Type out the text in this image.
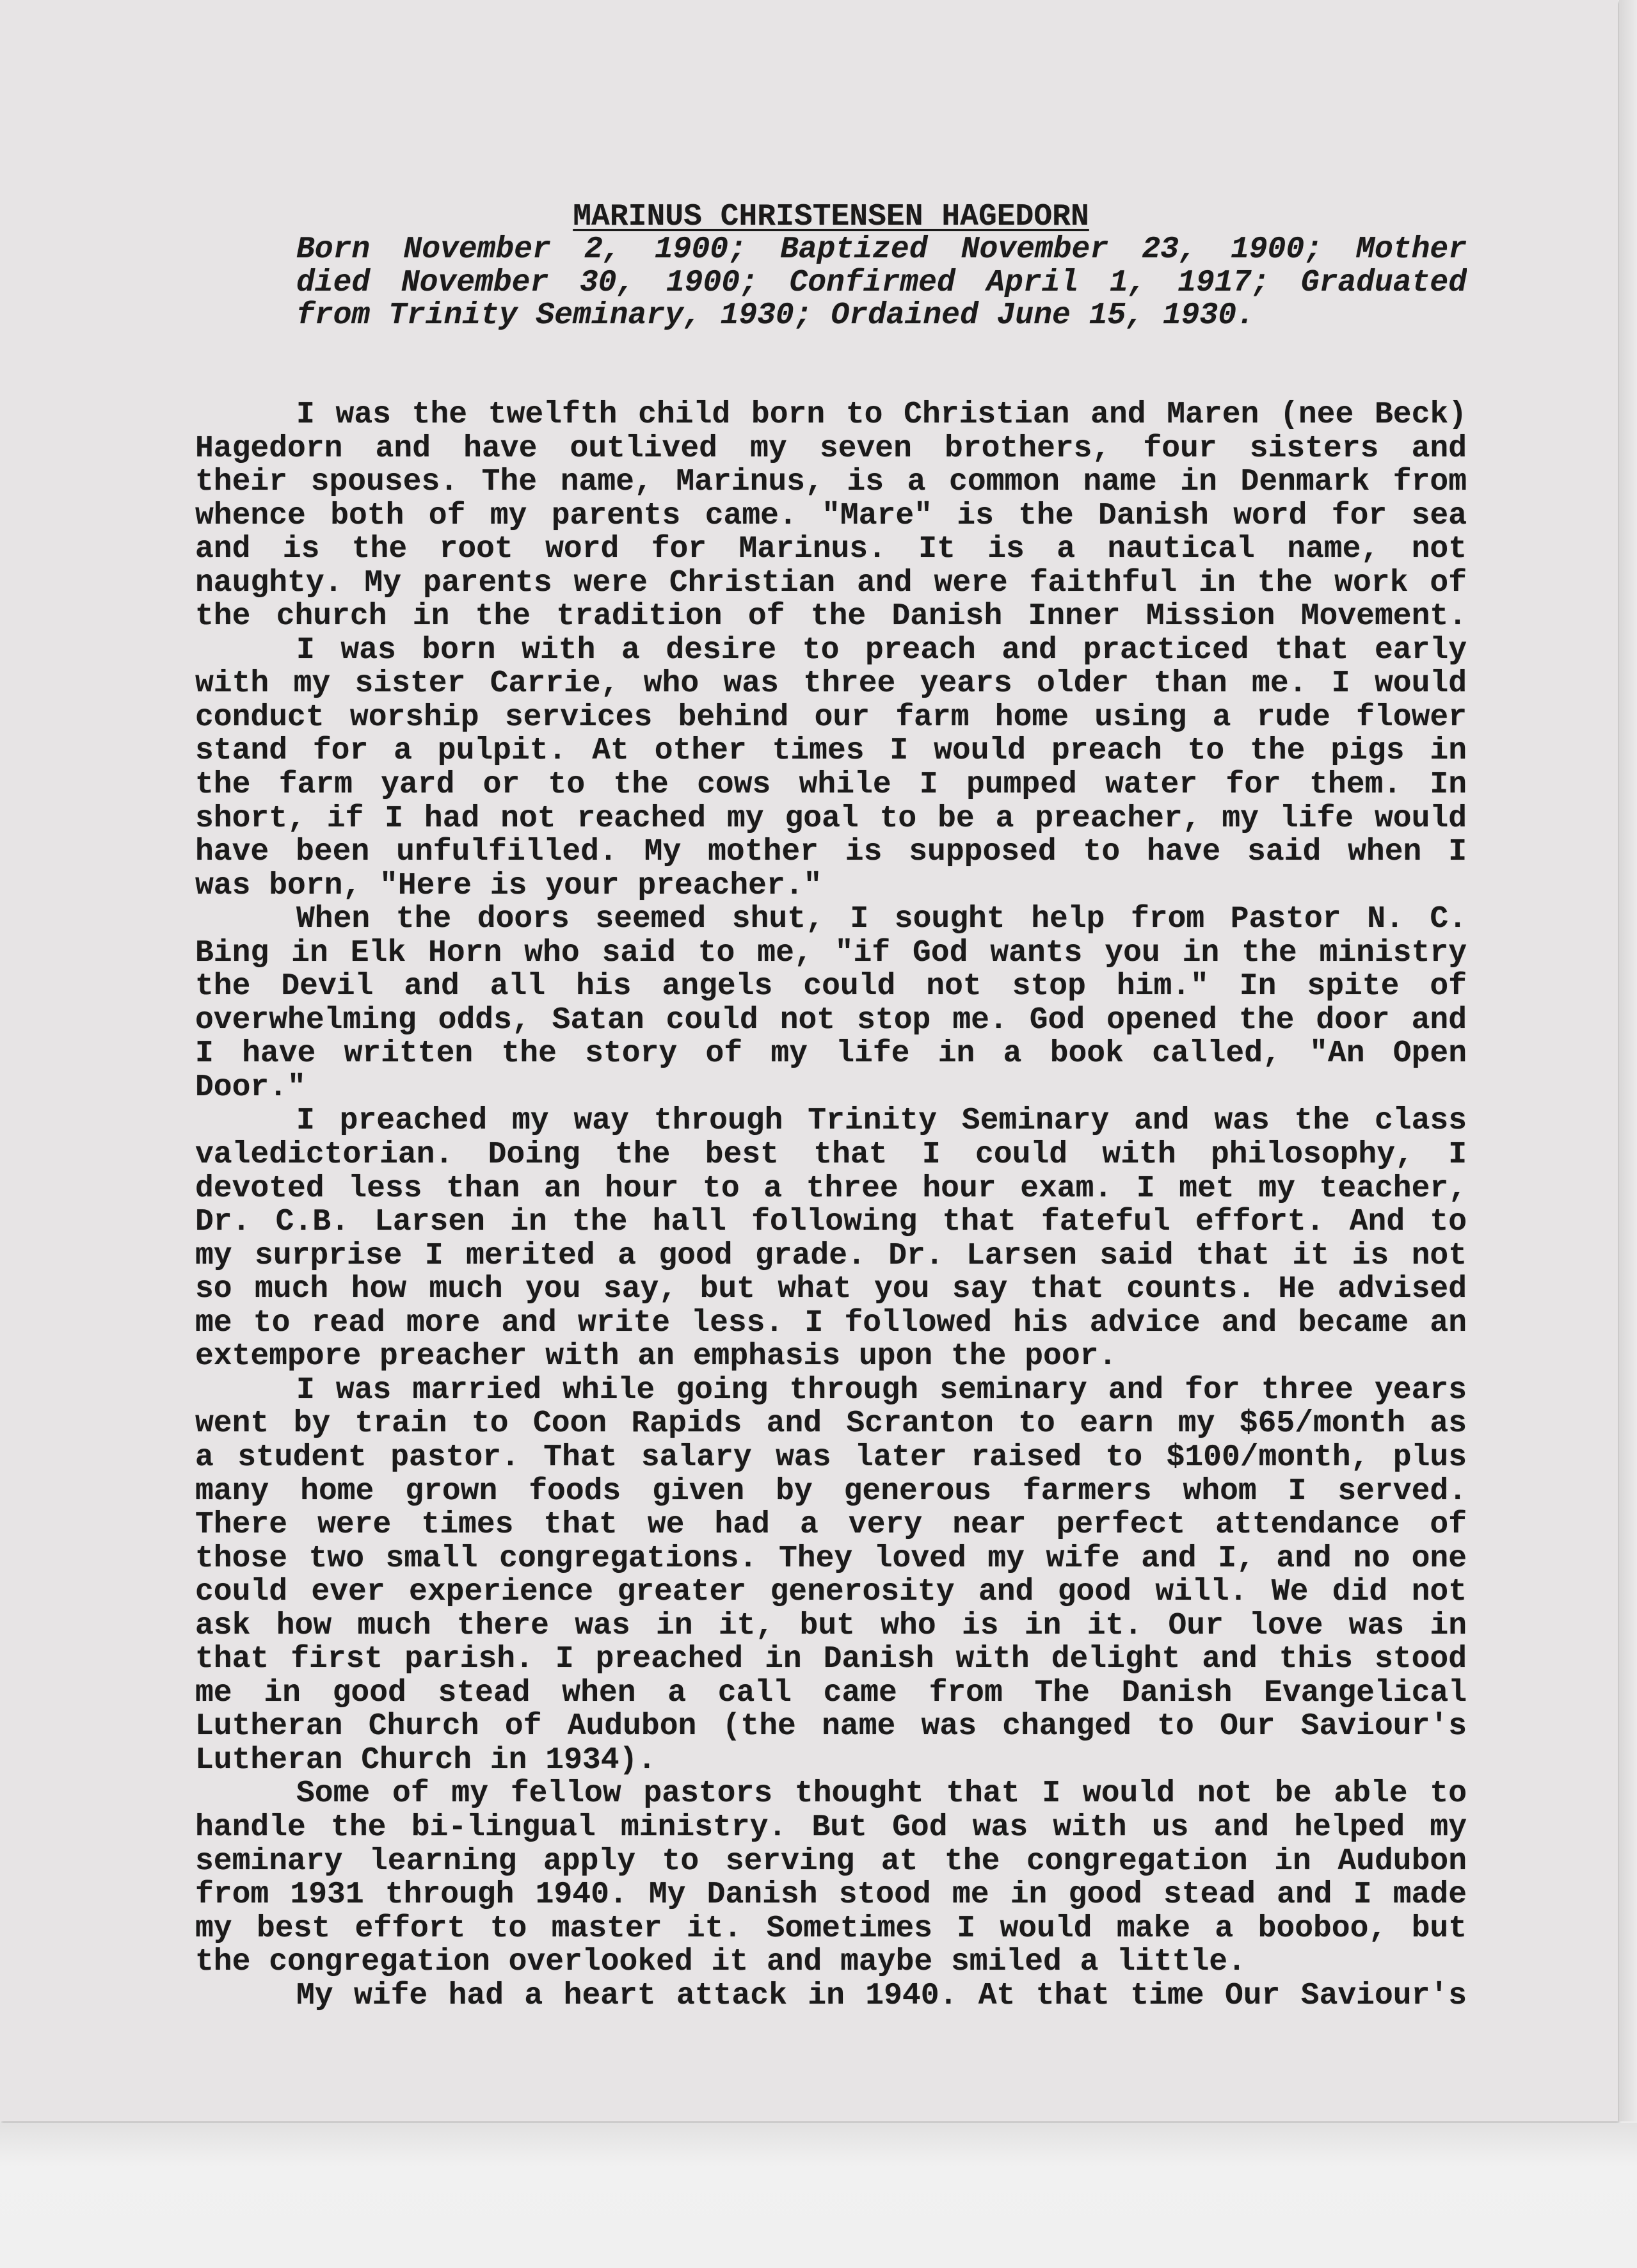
MARINUS CHRISTENSEN HAGEDORN
Born November 2, 1900; Baptized November 23, 1900; Mother
died November 30, 1900; Confirmed April 1, 1917; Graduated
from Trinity Seminary, 1930; Ordained June 15, 1930.
I was the twelfth child born to Christian and Maren (nee Beck)
Hagedorn and have outlived my seven brothers, four sisters and
their spouses. The name, Marinus, is a common name in Denmark from
whence both of my parents came. "Mare" is the Danish word for sea
and is the root word for Marinus. It is a nautical name, not
naughty. My parents were Christian and were faithful in the work of
the church in the tradition of the Danish Inner Mission Movement.
I was born with a desire to preach and practiced that early
with my sister Carrie, who was three years older than me. I would
conduct worship services behind our farm home using a rude flower
stand for a pulpit. At other times I would preach to the pigs in
the farm yard or to the cows while I pumped water for them. In
short, if I had not reached my goal to be a preacher, my life would
have been unfulfilled. My mother is supposed to have said when I
was born, "Here is your preacher."
When the doors seemed shut, I sought help from Pastor N. C.
Bing in Elk Horn who said to me, "if God wants you in the ministry
the Devil and all his angels could not stop him." In spite of
overwhelming odds, Satan could not stop me. God opened the door and
I have written the story of my life in a book called, "An Open
Door."
I preached my way through Trinity Seminary and was the class
valedictorian. Doing the best that I could with philosophy, I
devoted less than an hour to a three hour exam. I met my teacher,
Dr. C.B. Larsen in the hall following that fateful effort. And to
my surprise I merited a good grade. Dr. Larsen said that it is not
so much how much you say, but what you say that counts. He advised
me to read more and write less. I followed his advice and became an
extempore preacher with an emphasis upon the poor.
I was married while going through seminary and for three years
went by train to Coon Rapids and Scranton to earn my $65/month as
a student pastor. That salary was later raised to $100/month, plus
many home grown foods given by generous farmers whom I served.
There were times that we had a very near perfect attendance of
those two small congregations. They loved my wife and I, and no one
could ever experience greater generosity and good will. We did not
ask how much there was in it, but who is in it. Our love was in
that first parish. I preached in Danish with delight and this stood
me in good stead when a call came from The Danish Evangelical
Lutheran Church of Audubon (the name was changed to Our Saviour's
Lutheran Church in 1934).
Some of my fellow pastors thought that I would not be able to
handle the bi-lingual ministry. But God was with us and helped my
seminary learning apply to serving at the congregation in Audubon
from 1931 through 1940. My Danish stood me in good stead and I made
my best effort to master it. Sometimes I would make a booboo, but
the congregation overlooked it and maybe smiled a little.
My wife had a heart attack in 1940. At that time Our Saviour's
